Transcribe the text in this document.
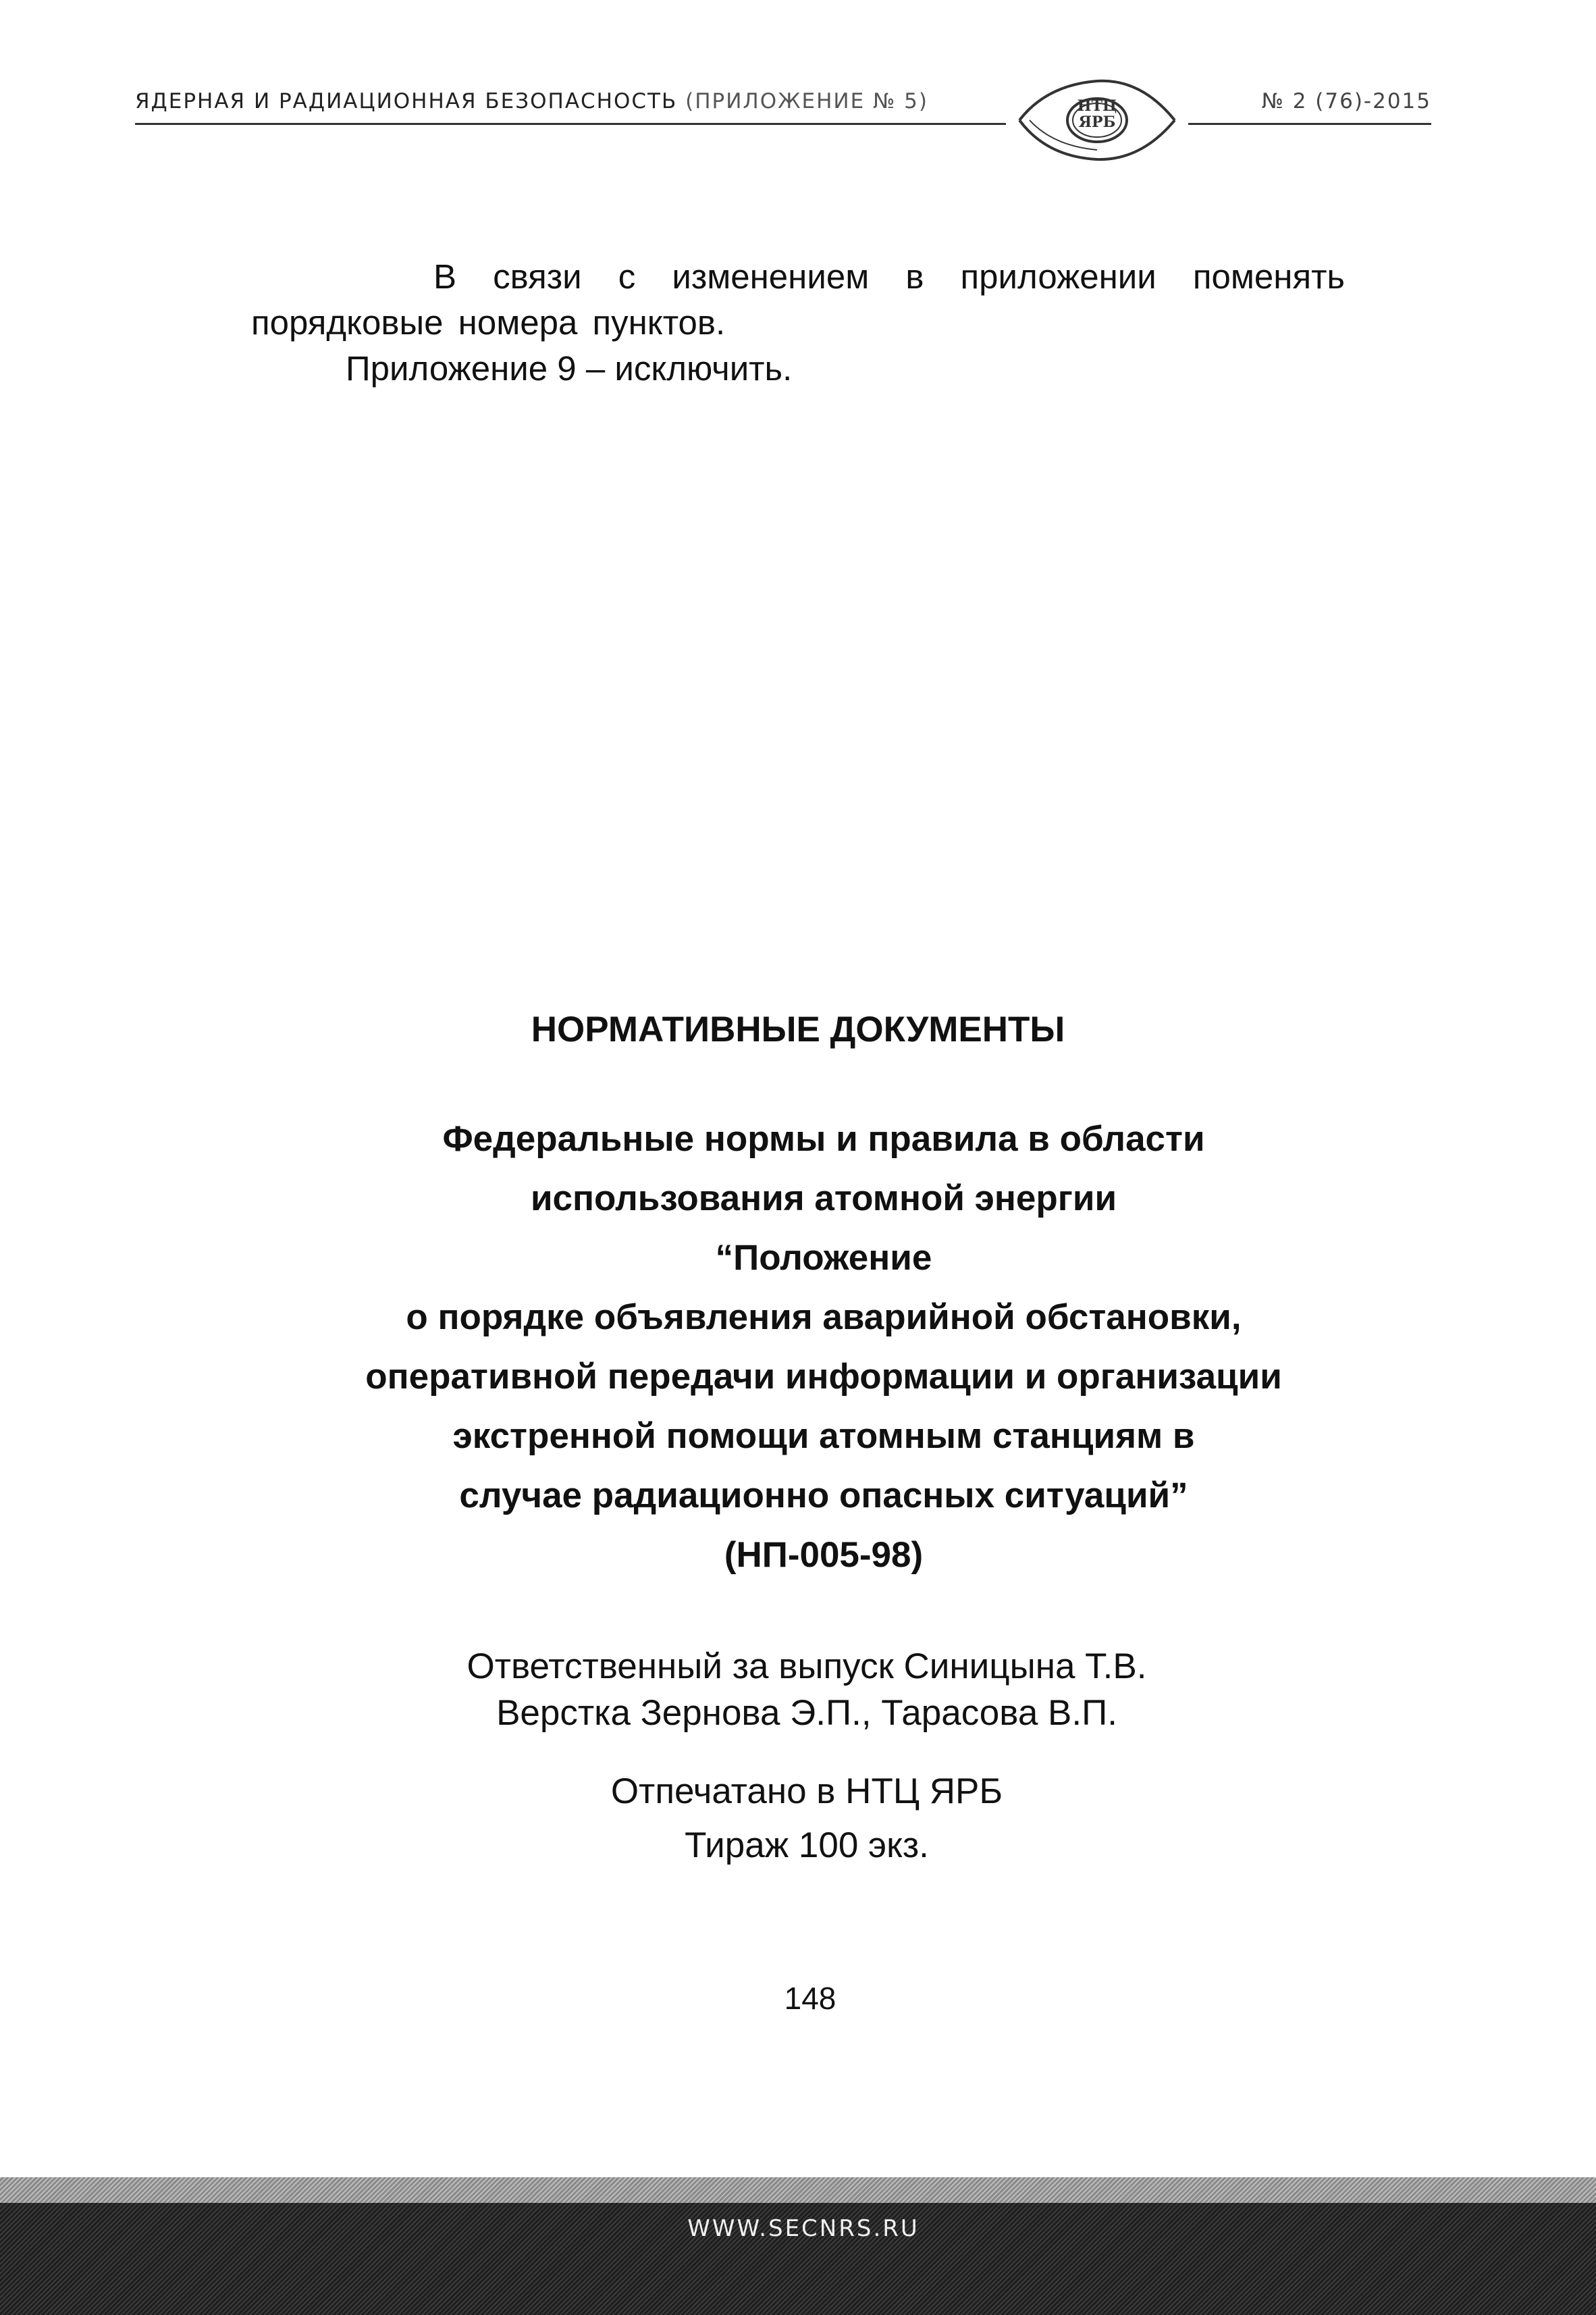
ЯДЕРНАЯ И РАДИАЦИОННАЯ БЕЗОПАСНОСТЬ (ПРИЛОЖЕНИЕ № 5)	№ 2 (76)-2015
НТЦ
ЯРБ
В связи с изменением в приложении поменять порядковые номера пунктов.
Приложение 9 – исключить.
НОРМАТИВНЫЕ ДОКУМЕНТЫ
Федеральные нормы и правила в области
использования атомной энергии
“Положение
о порядке объявления аварийной обстановки,
оперативной передачи информации и организации
экстренной помощи атомным станциям в
случае радиационно опасных ситуаций”
(НП-005-98)
Ответственный за выпуск Синицына Т.В.
Верстка Зернова Э.П., Тарасова В.П.
Отпечатано в НТЦ ЯРБ
Тираж 100 экз.
148
WWW.SECNRS.RU
